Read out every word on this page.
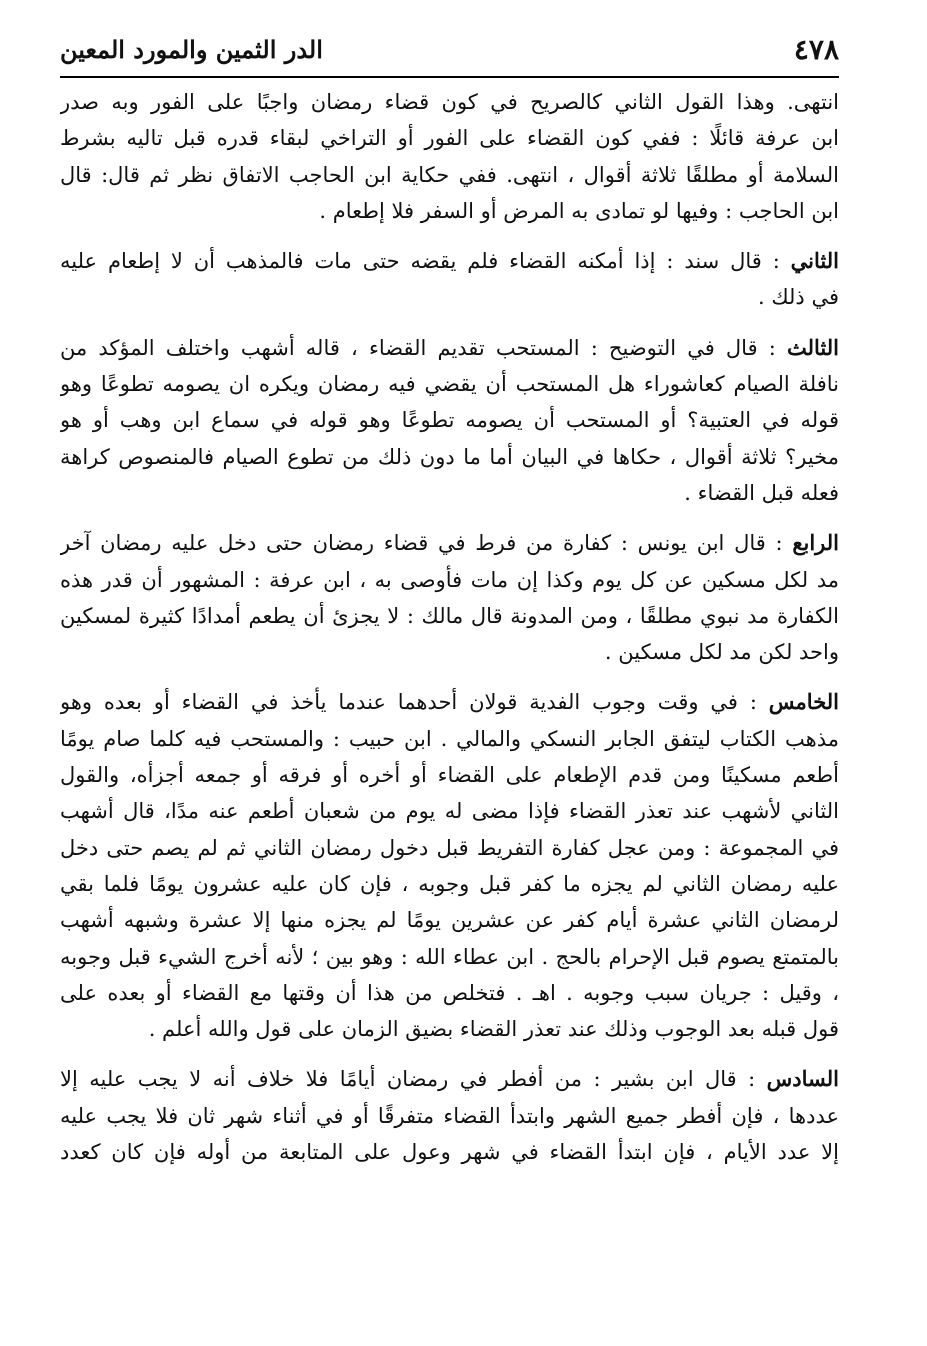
٤٧٨
الدر الثمين والمورد المعين
انتهى. وهذا القول الثاني كالصريح في كون قضاء رمضان واجبًا على الفور وبه صدر
ابن عرفة قائلًا : ففي كون القضاء على الفور أو التراخي لبقاء قدره قبل تاليه بشرط
السلامة أو مطلقًا ثلاثة أقوال ، انتهى. ففي حكاية ابن الحاجب الاتفاق نظر ثم قال: قال
ابن الحاجب : وفيها لو تمادى به المرض أو السفر فلا إطعام .
الثاني : قال سند : إذا أمكنه القضاء فلم يقضه حتى مات فالمذهب أن لا إطعام عليه
في ذلك .
الثالث : قال في التوضيح : المستحب تقديم القضاء ، قاله أشهب واختلف المؤكد من
نافلة الصيام كعاشوراء هل المستحب أن يقضي فيه رمضان ويكره ان يصومه تطوعًا وهو
قوله في العتبية؟ أو المستحب أن يصومه تطوعًا وهو قوله في سماع ابن وهب أو هو
مخير؟ ثلاثة أقوال ، حكاها في البيان أما ما دون ذلك من تطوع الصيام فالمنصوص كراهة
فعله قبل القضاء .
الرابع : قال ابن يونس : كفارة من فرط في قضاء رمضان حتى دخل عليه رمضان آخر
مد لكل مسكين عن كل يوم وكذا إن مات فأوصى به ، ابن عرفة : المشهور أن قدر هذه
الكفارة مد نبوي مطلقًا ، ومن المدونة قال مالك : لا يجزئ أن يطعم أمدادًا كثيرة لمسكين
واحد لكن مد لكل مسكين .
الخامس : في وقت وجوب الفدية قولان أحدهما عندما يأخذ في القضاء أو بعده وهو
مذهب الكتاب ليتفق الجابر النسكي والمالي . ابن حبيب : والمستحب فيه كلما صام يومًا
أطعم مسكينًا ومن قدم الإطعام على القضاء أو أخره أو فرقه أو جمعه أجزأه، والقول
الثاني لأشهب عند تعذر القضاء فإذا مضى له يوم من شعبان أطعم عنه مدًا، قال أشهب
في المجموعة : ومن عجل كفارة التفريط قبل دخول رمضان الثاني ثم لم يصم حتى دخل
عليه رمضان الثاني لم يجزه ما كفر قبل وجوبه ، فإن كان عليه عشرون يومًا فلما بقي
لرمضان الثاني عشرة أيام كفر عن عشرين يومًا لم يجزه منها إلا عشرة وشبهه أشهب
بالمتمتع يصوم قبل الإحرام بالحج . ابن عطاء الله : وهو بين ؛ لأنه أخرج الشيء قبل وجوبه
، وقيل : جريان سبب وجوبه . اهـ . فتخلص من هذا أن وقتها مع القضاء أو بعده على
قول قبله بعد الوجوب وذلك عند تعذر القضاء بضيق الزمان على قول والله أعلم .
السادس : قال ابن بشير : من أفطر في رمضان أيامًا فلا خلاف أنه لا يجب عليه إلا
عددها ، فإن أفطر جميع الشهر وابتدأ القضاء متفرقًا أو في أثناء شهر ثان فلا يجب عليه
إلا عدد الأيام ، فإن ابتدأ القضاء في شهر وعول على المتابعة من أوله فإن كان كعدد
